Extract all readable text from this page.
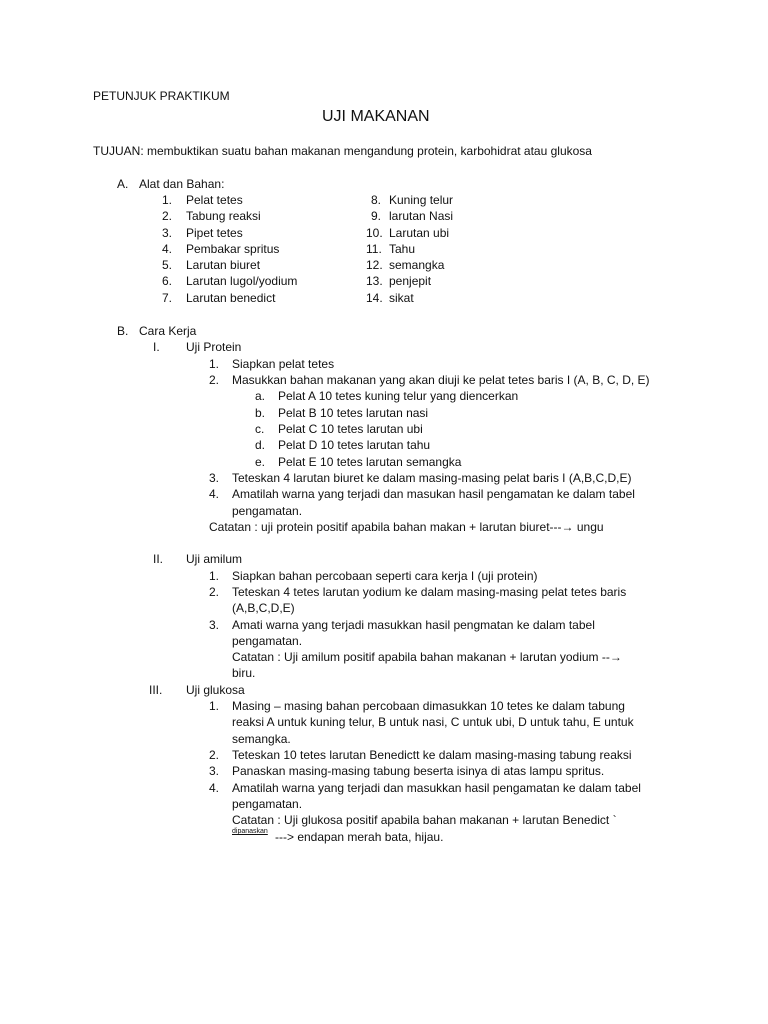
PETUNJUK PRAKTIKUM
UJI MAKANAN
TUJUAN: membuktikan suatu bahan makanan mengandung protein, karbohidrat atau glukosa
A. Alat dan Bahan:
1. Pelat tetes
2. Tabung reaksi
3. Pipet tetes
4. Pembakar spritus
5. Larutan biuret
6. Larutan lugol/yodium
7. Larutan benedict
8. Kuning telur
9. larutan Nasi
10. Larutan ubi
11. Tahu
12. semangka
13. penjepit
14. sikat
B. Cara Kerja
I. Uji Protein
1. Siapkan pelat tetes
2. Masukkan bahan makanan yang akan diuji ke pelat tetes baris I (A, B, C, D, E)
a. Pelat A 10 tetes kuning telur yang diencerkan
b. Pelat B 10 tetes larutan nasi
c. Pelat C 10 tetes larutan ubi
d. Pelat D 10 tetes larutan tahu
e. Pelat E 10 tetes larutan semangka
3. Teteskan 4 larutan biuret ke dalam masing-masing pelat baris I (A,B,C,D,E)
4. Amatilah warna yang terjadi dan masukan hasil pengamatan ke dalam tabel
pengamatan.
Catatan : uji protein positif apabila bahan makan + larutan biuret---→ ungu
II. Uji amilum
1. Siapkan bahan percobaan seperti cara kerja I (uji protein)
2. Teteskan 4 tetes larutan yodium ke dalam masing-masing pelat tetes baris
(A,B,C,D,E)
3. Amati warna yang terjadi masukkan hasil pengmatan ke dalam tabel
pengamatan.
Catatan : Uji amilum positif apabila bahan makanan + larutan yodium --→
biru.
III. Uji glukosa
1. Masing – masing bahan percobaan dimasukkan 10 tetes ke dalam tabung
reaksi A untuk kuning telur, B untuk nasi, C untuk ubi, D untuk tahu, E untuk
semangka.
2. Teteskan 10 tetes larutan Benedictt ke dalam masing-masing tabung reaksi
3. Panaskan masing-masing tabung beserta isinya di atas lampu spritus.
4. Amatilah warna yang terjadi dan masukkan hasil pengamatan ke dalam tabel
pengamatan.
Catatan : Uji glukosa positif apabila bahan makanan + larutan Benedict `
dipanaskan ---> endapan merah bata, hijau.
